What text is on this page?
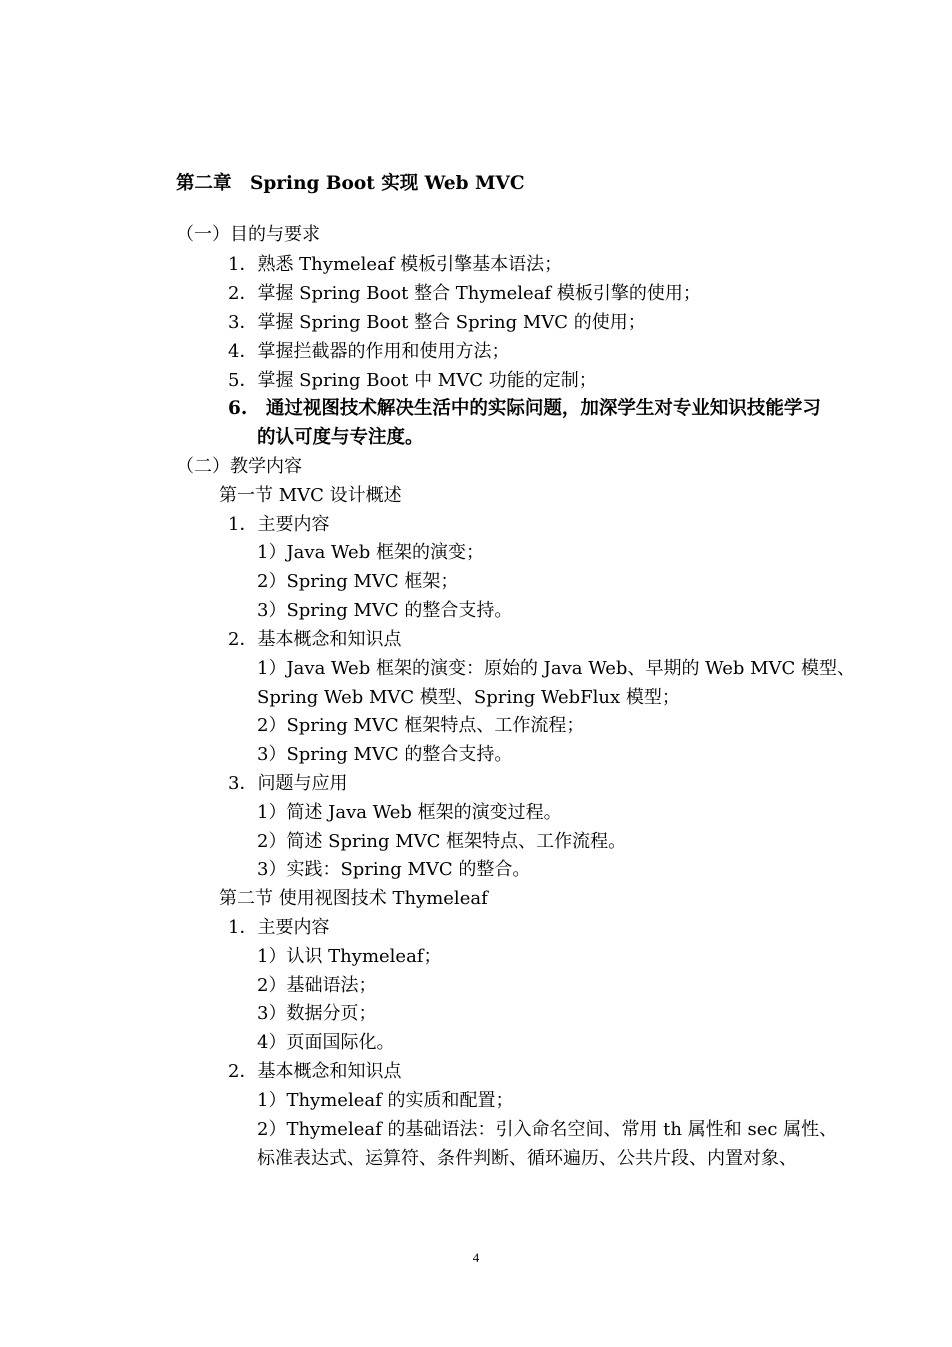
第二章　Spring Boot 实现 Web MVC
（一）目的与要求
1．熟悉 Thymeleaf 模板引擎基本语法；
2．掌握 Spring Boot 整合 Thymeleaf 模板引擎的使用；
3．掌握 Spring Boot 整合 Spring MVC 的使用；
4．掌握拦截器的作用和使用方法；
5．掌握 Spring Boot 中 MVC 功能的定制；
6.　通过视图技术解决生活中的实际问题，加深学生对专业知识技能学习
的认可度与专注度。
（二）教学内容
第一节 MVC 设计概述
1．主要内容
1）Java Web 框架的演变；
2）Spring MVC 框架；
3）Spring MVC 的整合支持。
2．基本概念和知识点
1）Java Web 框架的演变：原始的 Java Web、早期的 Web MVC 模型、
Spring Web MVC 模型、Spring WebFlux 模型；
2）Spring MVC 框架特点、工作流程；
3）Spring MVC 的整合支持。
3．问题与应用
1）简述 Java Web 框架的演变过程。
2）简述 Spring MVC 框架特点、工作流程。
3）实践：Spring MVC 的整合。
第二节 使用视图技术 Thymeleaf
1．主要内容
1）认识 Thymeleaf；
2）基础语法；
3）数据分页；
4）页面国际化。
2．基本概念和知识点
1）Thymeleaf 的实质和配置；
2）Thymeleaf 的基础语法：引入命名空间、常用 th 属性和 sec 属性、
标准表达式、运算符、条件判断、循环遍历、公共片段、内置对象、
4
